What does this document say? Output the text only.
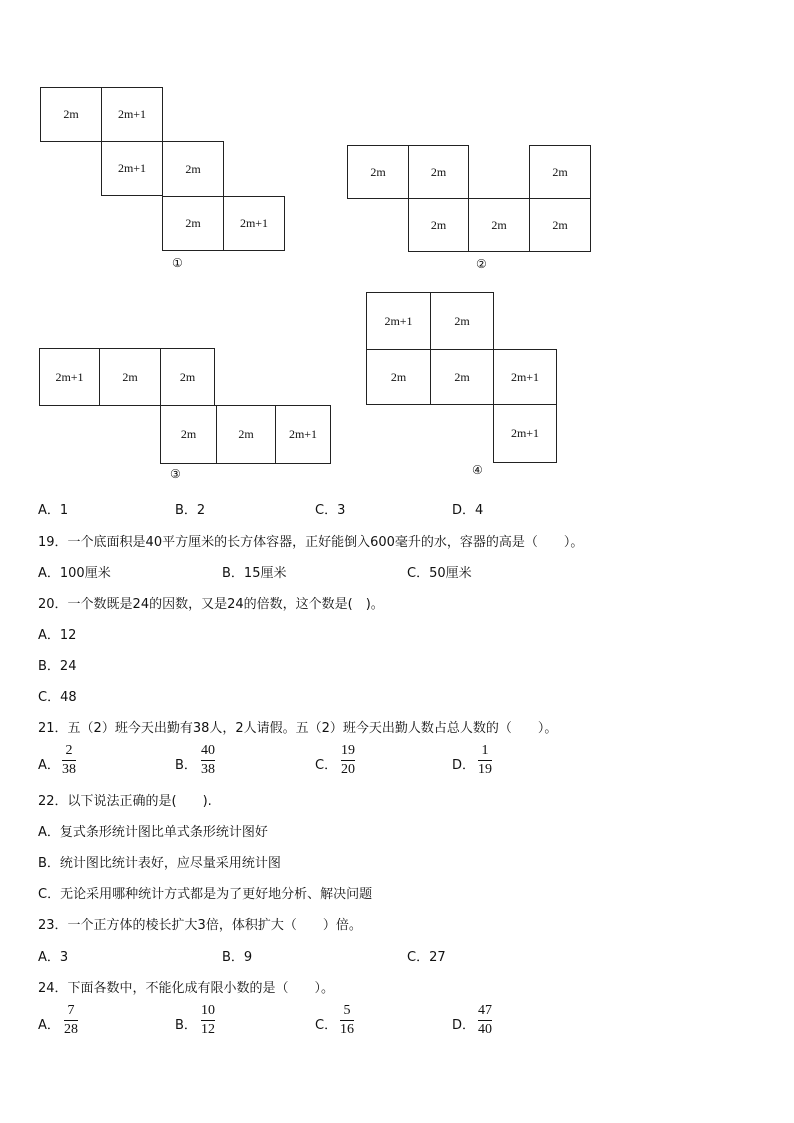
2m	2m+1
2m+1	2m
2m	2m+1
①
2m	2m	2m
2m	2m	2m
②
2m+1	2m	2m
2m	2m	2m+1
③
2m+1	2m
2m	2m	2m+1
2m+1
④
A．1	B．2	C．3	D．4
19．一个底面积是40平方厘米的长方体容器，正好能倒入600毫升的水，容器的高是（　　）。
A．100厘米	B．15厘米	C．50厘米
20．一个数既是24的因数，又是24的倍数，这个数是(　)。
A．12
B．24
C．48
21．五（2）班今天出勤有38人，2人请假。五（2）班今天出勤人数占总人数的（　　）。
A．
2
38	B．
40
38	C．
19
20	D．
1
19
22．以下说法正确的是(　　).
A．复式条形统计图比单式条形统计图好
B．统计图比统计表好，应尽量采用统计图
C．无论采用哪种统计方式都是为了更好地分析、解决问题
23．一个正方体的棱长扩大3倍，体积扩大（　　）倍。
A．3	B．9	C．27
24．下面各数中，不能化成有限小数的是（　　）。
A．
7
28	B．
10
12	C．
5
16	D．
47
40
